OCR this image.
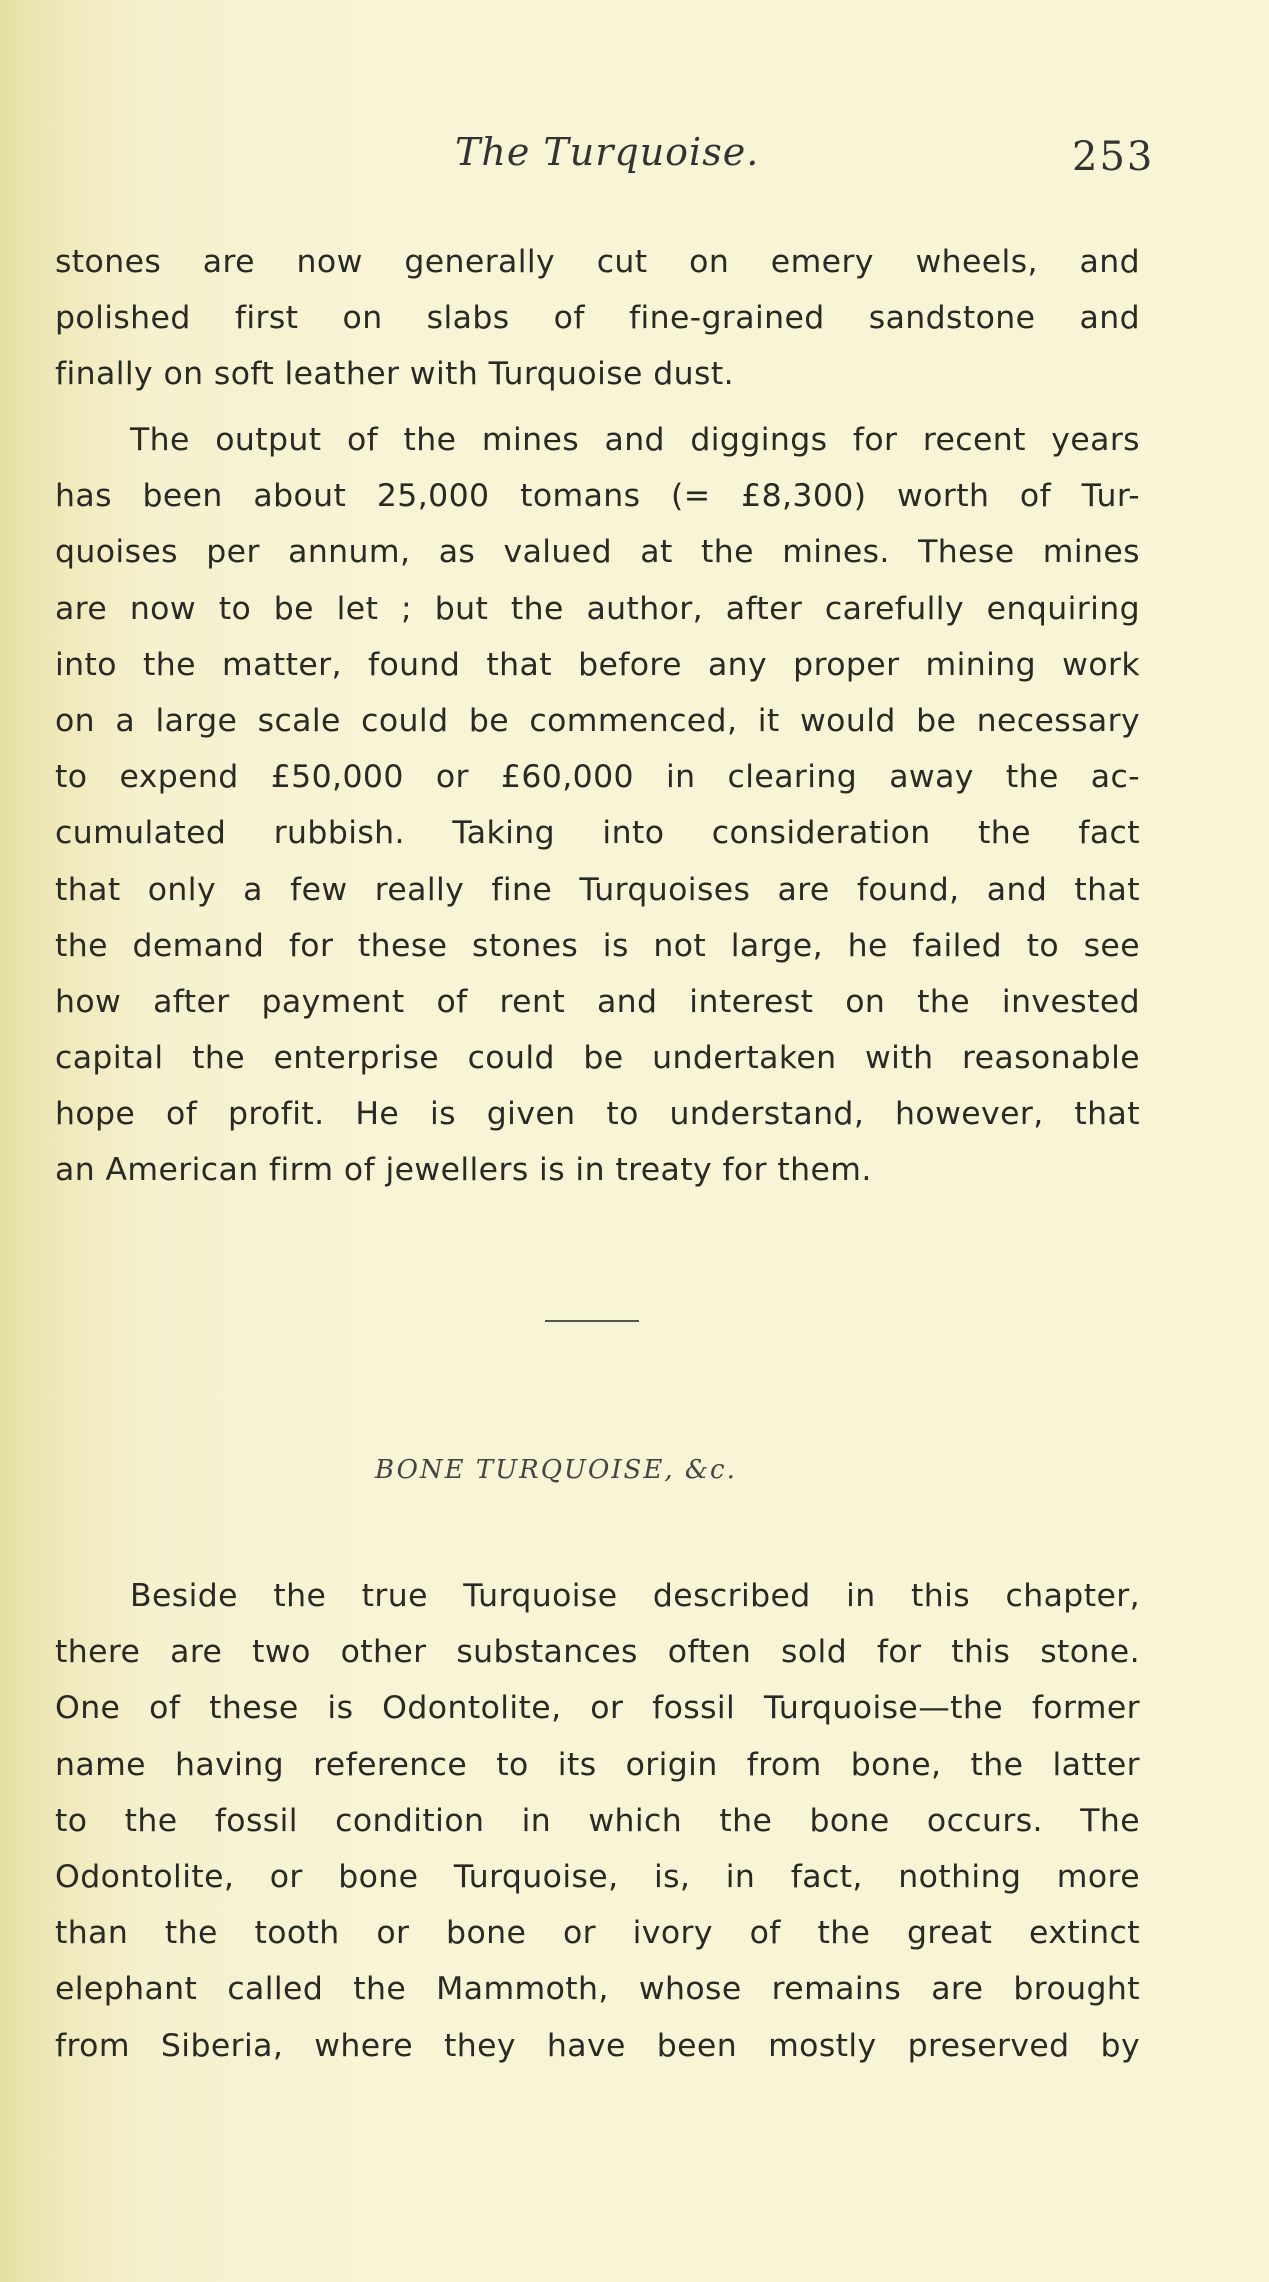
The Turquoise.	253
stones are now generally cut on emery wheels, and
polished first on slabs of fine-grained sandstone and
finally on soft leather with Turquoise dust.
The output of the mines and diggings for recent years
has been about 25,000 tomans (= £8,300) worth of Tur-
quoises per annum, as valued at the mines. These mines
are now to be let ; but the author, after carefully enquiring
into the matter, found that before any proper mining work
on a large scale could be commenced, it would be necessary
to expend £50,000 or £60,000 in clearing away the ac-
cumulated rubbish. Taking into consideration the fact
that only a few really fine Turquoises are found, and that
the demand for these stones is not large, he failed to see
how after payment of rent and interest on the invested
capital the enterprise could be undertaken with reasonable
hope of profit. He is given to understand, however, that
an American firm of jewellers is in treaty for them.
BONE TURQUOISE, &c.
Beside the true Turquoise described in this chapter,
there are two other substances often sold for this stone.
One of these is Odontolite, or fossil Turquoise—the former
name having reference to its origin from bone, the latter
to the fossil condition in which the bone occurs. The
Odontolite, or bone Turquoise, is, in fact, nothing more
than the tooth or bone or ivory of the great extinct
elephant called the Mammoth, whose remains are brought
from Siberia, where they have been mostly preserved by
